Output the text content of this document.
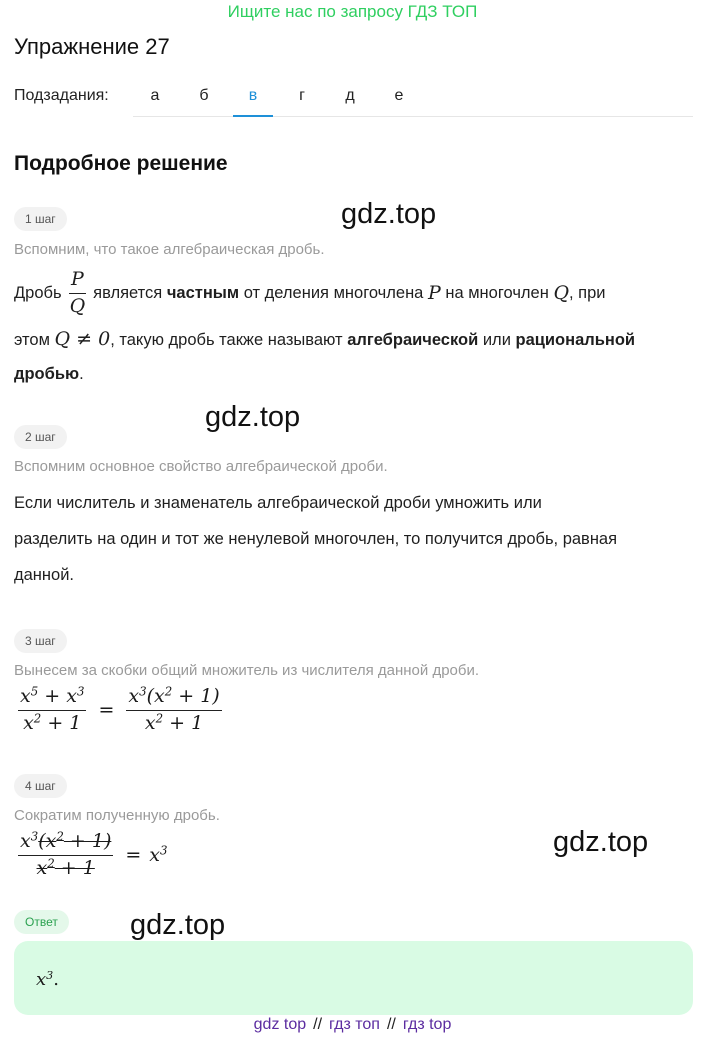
Ищите нас по запросу ГДЗ ТОП
Упражнение 27
Подзадания:	а	б	в	г	д	е
Подробное решение
1 шаг	gdz.top
Вспомним, что такое алгебраическая дробь.
Дробь $\frac{P}{Q}$ является
частным
от деления многочлена
P
на многочлен
Q , при
этом Q ≠ 0, такую дробь также называют алгебраической или рациональной
дробью.
2 шаг
gdz.top
Вспомним основное свойство алгебраической дроби.
Если числитель и знаменатель алгебраической дроби умножить или
разделить на один и тот же ненулевой многочлен, то получится дробь, равная
данной.
3 шаг
Вынесем за скобки общий множитель из числителя данной дроби.
$\frac{x^5 + x^3}{x^2 + 1} = \frac{x^3(x^2 + 1)}{x^2 + 1}$
4 шаг
Сократим полученную дробь.
gdz.top
$\frac{x^3(x^2 + 1)}{x^2 + 1} = x^3$
Ответ	gdz.top
$x^3$.
gdz top // гдз топ // гдз top
